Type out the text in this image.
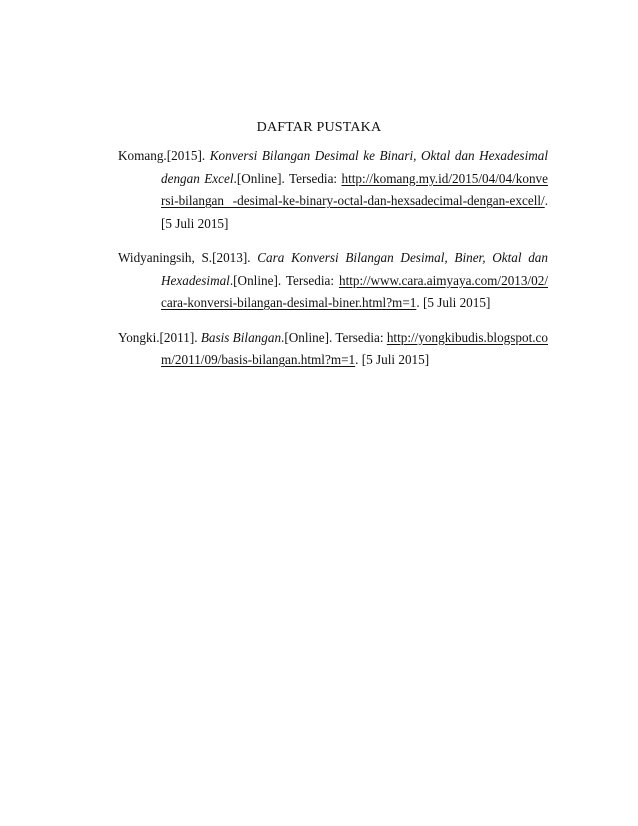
DAFTAR PUSTAKA

Komang.[2015]. Konversi Bilangan Desimal ke Binari, Oktal dan Hexadesimal dengan Excel.[Online]. Tersedia: http://komang.my.id/2015/04/04/konversi-bilangan -desimal-ke-binary-octal-dan-hexsadecimal-dengan-excell/. [5 Juli 2015]

Widyaningsih, S.[2013]. Cara Konversi Bilangan Desimal, Biner, Oktal dan Hexadesimal.[Online]. Tersedia: http://www.cara.aimyaya.com/2013/02/cara-konversi-bilangan-desimal-biner.html?m=1. [5 Juli 2015]

Yongki.[2011]. Basis Bilangan.[Online]. Tersedia: http://yongkibudis.blogspot.com/2011/09/basis-bilangan.html?m=1. [5 Juli 2015]
